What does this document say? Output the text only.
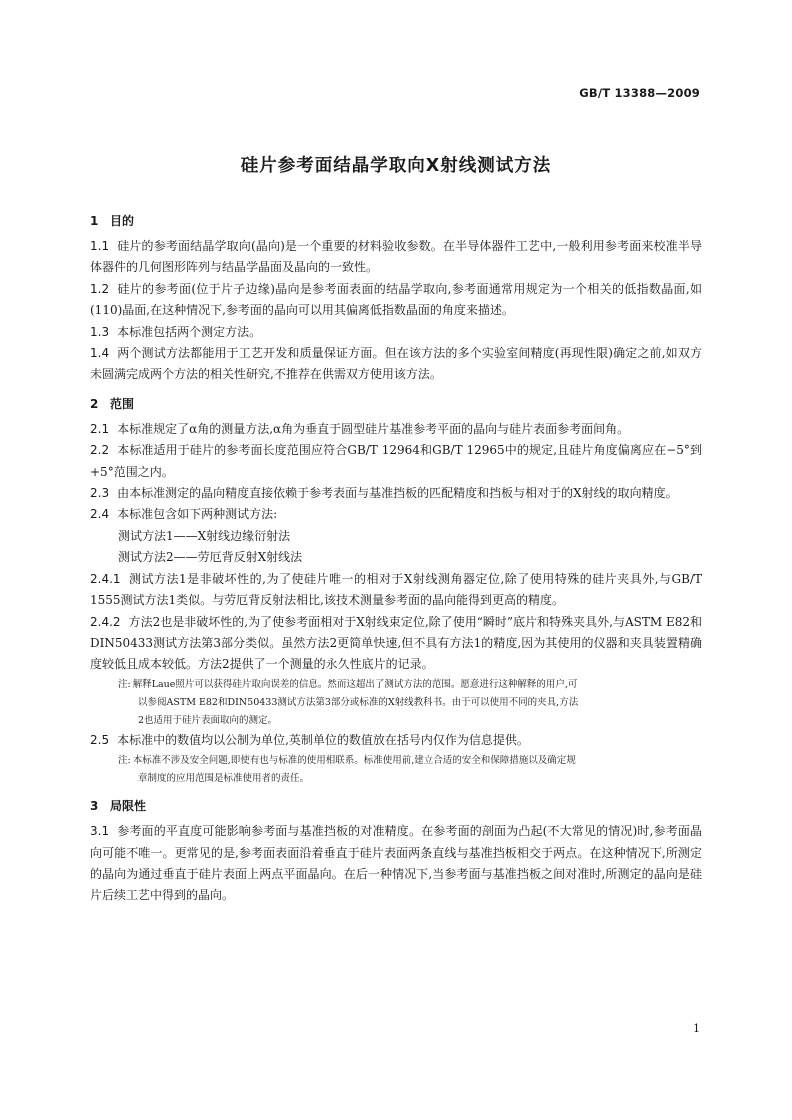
GB/T 13388—2009
硅片参考面结晶学取向X射线测试方法
1 目的
1.1 硅片的参考面结晶学取向(晶向)是一个重要的材料验收参数。在半导体器件工艺中,一般利用参考面来校准半导体器件的几何图形阵列与结晶学晶面及晶向的一致性。
1.2 硅片的参考面(位于片子边缘)晶向是参考面表面的结晶学取向,参考面通常用规定为一个相关的低指数晶面,如(110)晶面,在这种情况下,参考面的晶向可以用其偏离低指数晶面的角度来描述。
1.3 本标准包括两个测定方法。
1.4 两个测试方法都能用于工艺开发和质量保证方面。但在该方法的多个实验室间精度(再现性限)确定之前,如双方未圆满完成两个方法的相关性研究,不推荐在供需双方使用该方法。
2 范围
2.1 本标准规定了α角的测量方法,α角为垂直于圆型硅片基准参考平面的晶向与硅片表面参考面间角。
2.2 本标准适用于硅片的参考面长度范围应符合GB/T 12964和GB/T 12965中的规定,且硅片角度偏离应在−5°到+5°范围之内。
2.3 由本标准测定的晶向精度直接依赖于参考表面与基准挡板的匹配精度和挡板与相对于的X射线的取向精度。
2.4 本标准包含如下两种测试方法:
测试方法1——X射线边缘衍射法
测试方法2——劳厄背反射X射线法
2.4.1 测试方法1是非破坏性的,为了使硅片唯一的相对于X射线测角器定位,除了使用特殊的硅片夹具外,与GB/T 1555测试方法1类似。与劳厄背反射法相比,该技术测量参考面的晶向能得到更高的精度。
2.4.2 方法2也是非破坏性的,为了使参考面相对于X射线束定位,除了使用“瞬时”底片和特殊夹具外,与ASTM E82和DIN50433测试方法第3部分类似。虽然方法2更简单快速,但不具有方法1的精度,因为其使用的仪器和夹具装置精确度较低且成本较低。方法2提供了一个测量的永久性底片的记录。
注: 解释Laue照片可以获得硅片取向误差的信息。然而这超出了测试方法的范围。愿意进行这种解释的用户,可
以参阅ASTM E82和DIN50433测试方法第3部分或标准的X射线教科书。由于可以使用不同的夹具,方法
2也适用于硅片表面取向的测定。
2.5 本标准中的数值均以公制为单位,英制单位的数值放在括号内仅作为信息提供。
注: 本标准不涉及安全问题,即使有也与标准的使用相联系。标准使用前,建立合适的安全和保障措施以及确定规
章制度的应用范围是标准使用者的责任。
3 局限性
3.1 参考面的平直度可能影响参考面与基准挡板的对准精度。在参考面的剖面为凸起(不大常见的情况)时,参考面晶向可能不唯一。更常见的是,参考面表面沿着垂直于硅片表面两条直线与基准挡板相交于两点。在这种情况下,所测定的晶向为通过垂直于硅片表面上两点平面晶向。在后一种情况下,当参考面与基准挡板之间对准时,所测定的晶向是硅片后续工艺中得到的晶向。
1
